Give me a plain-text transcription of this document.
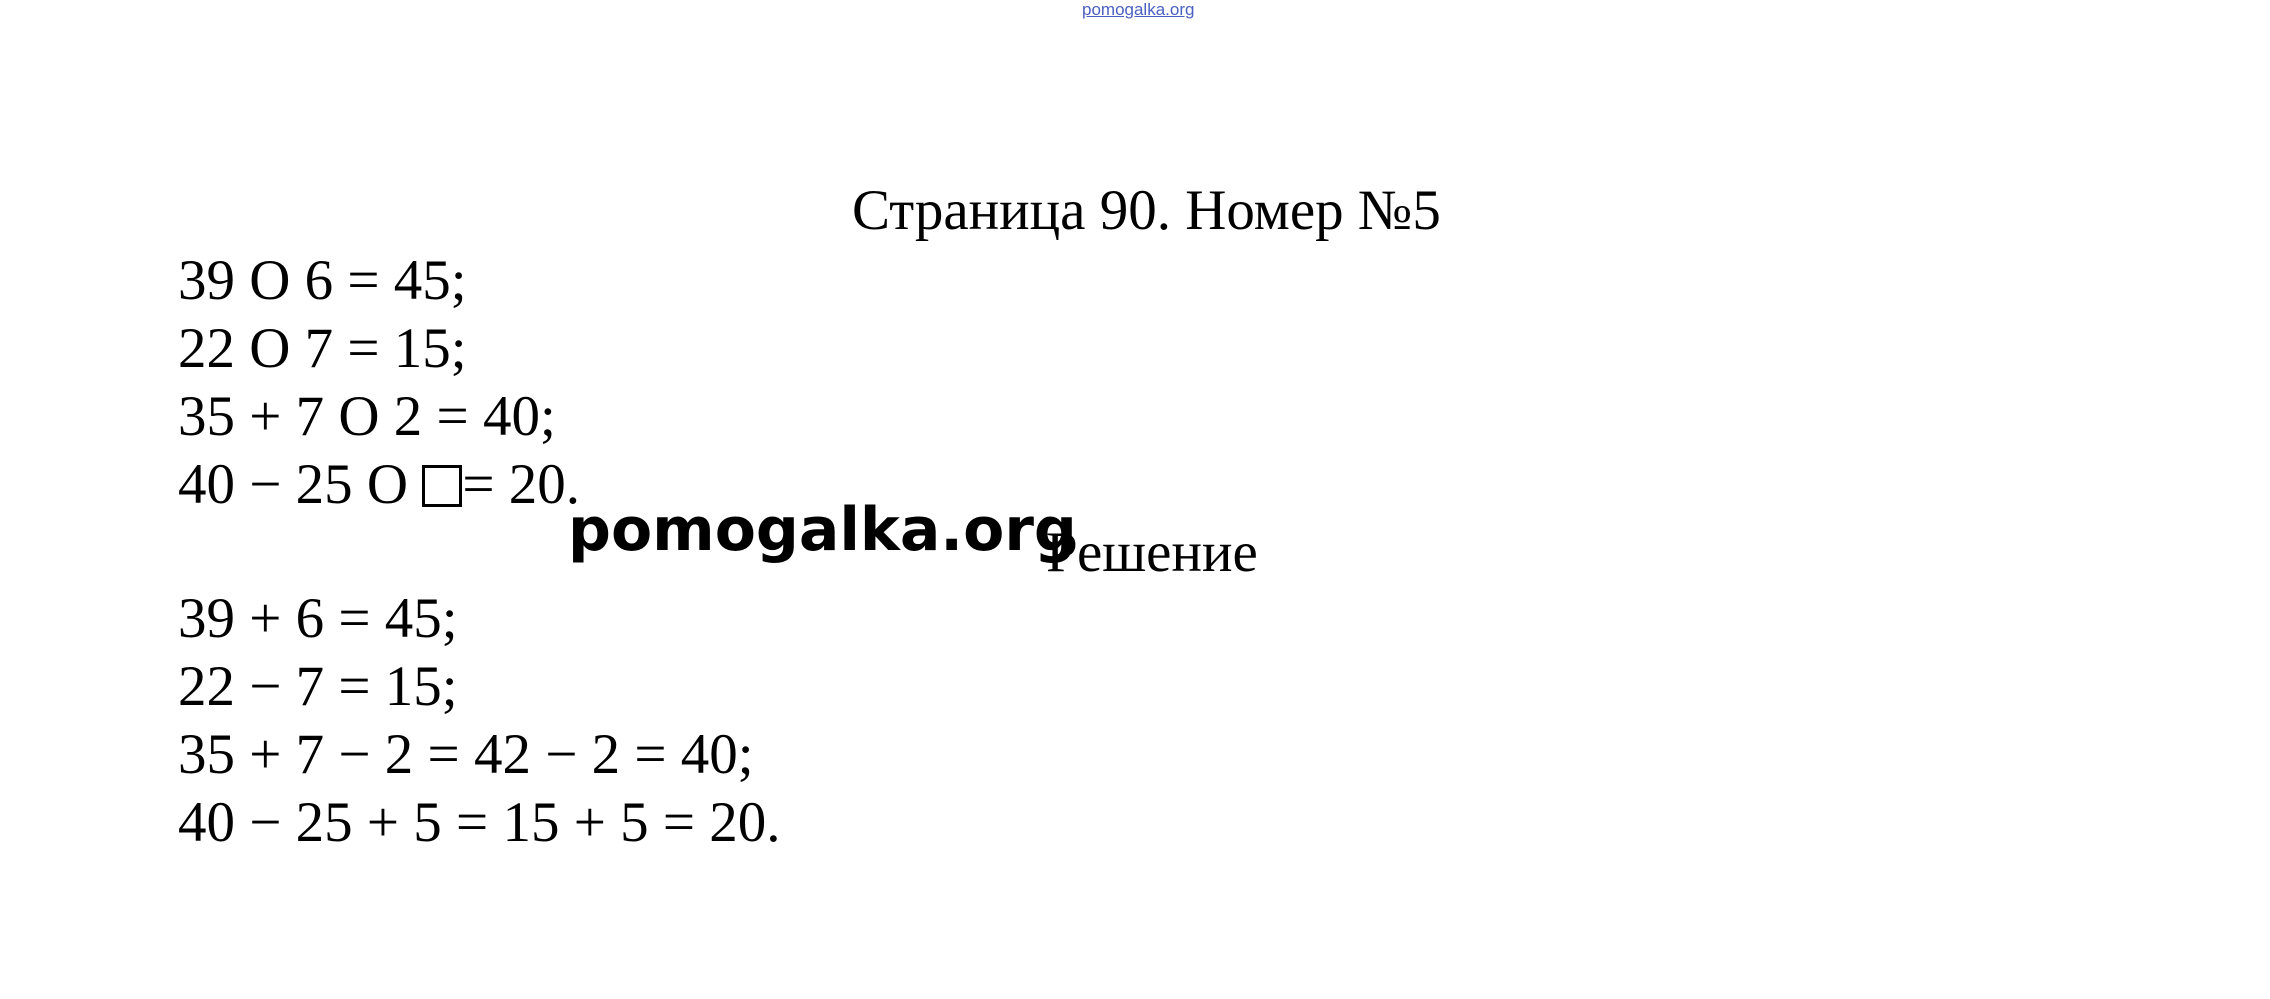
pomogalka.org
Страница 90. Номер №5
39 O 6 = 45;
22 O 7 = 15;
35 + 7 O 2 = 40;
40 − 25 O = 20.
pomogalka.org
Решение
39 + 6 = 45;
22 − 7 = 15;
35 + 7 − 2 = 42 − 2 = 40;
40 − 25 + 5 = 15 + 5 = 20.
